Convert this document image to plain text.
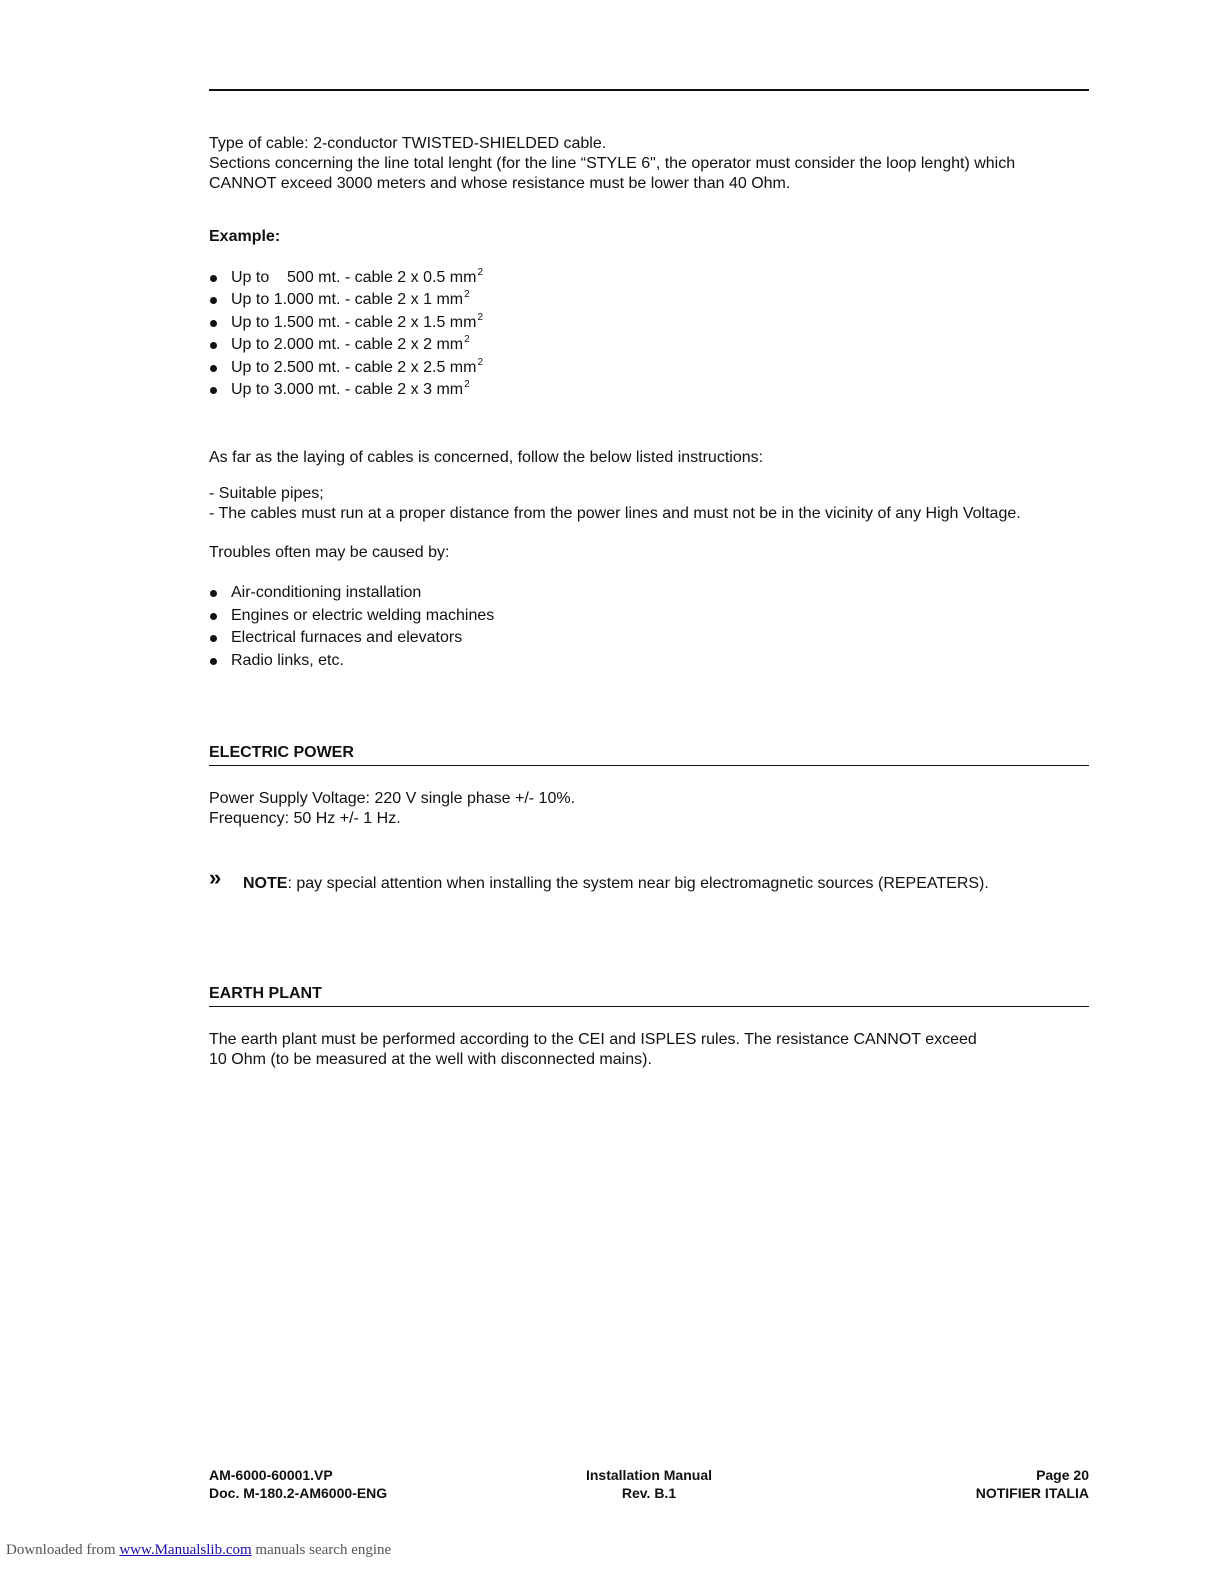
Type of cable: 2-conductor TWISTED-SHIELDED cable.

Sections concerning the line total lenght (for the line “STYLE 6", the operator must consider the loop lenght) which

CANNOT exceed 3000 meters and whose resistance must be lower than 40 Ohm.

Example:

Up to    500 mt. - cable 2 x 0.5 $mm^2$
Up to 1.000 mt. - cable 2 x 1 $mm^2$
Up to 1.500 mt. - cable 2 x 1.5 $mm^2$
Up to 2.000 mt. - cable 2 x 2 $mm^2$
Up to 2.500 mt. - cable 2 x 2.5 $mm^2$
Up to 3.000 mt. - cable 2 x 3 $mm^2$

As far as the laying of cables is concerned, follow the below listed instructions:

- Suitable pipes;

- The cables must run at a proper distance from the power lines and must not be in the vicinity of any High Voltage.

Troubles often may be caused by:

Air-conditioning installation
Engines or electric welding machines
Electrical furnaces and elevators
Radio links, etc.
ELECTRIC POWER

Power Supply Voltage: 220 V single phase +/- 10%.

Frequency: 50 Hz +/- 1 Hz.

» NOTE: pay special attention when installing the system near big electromagnetic sources (REPEATERS).
EARTH PLANT

The earth plant must be performed according to the CEI and ISPLES rules. The resistance CANNOT exceed

10 Ohm (to be measured at the well with disconnected mains).

AM-6000-60001.VP
Doc. M-180.2-AM6000-ENG
Installation Manual
Rev. B.1
Page 20
NOTIFIER ITALIA
Downloaded from www.Manualslib.com manuals search engine
